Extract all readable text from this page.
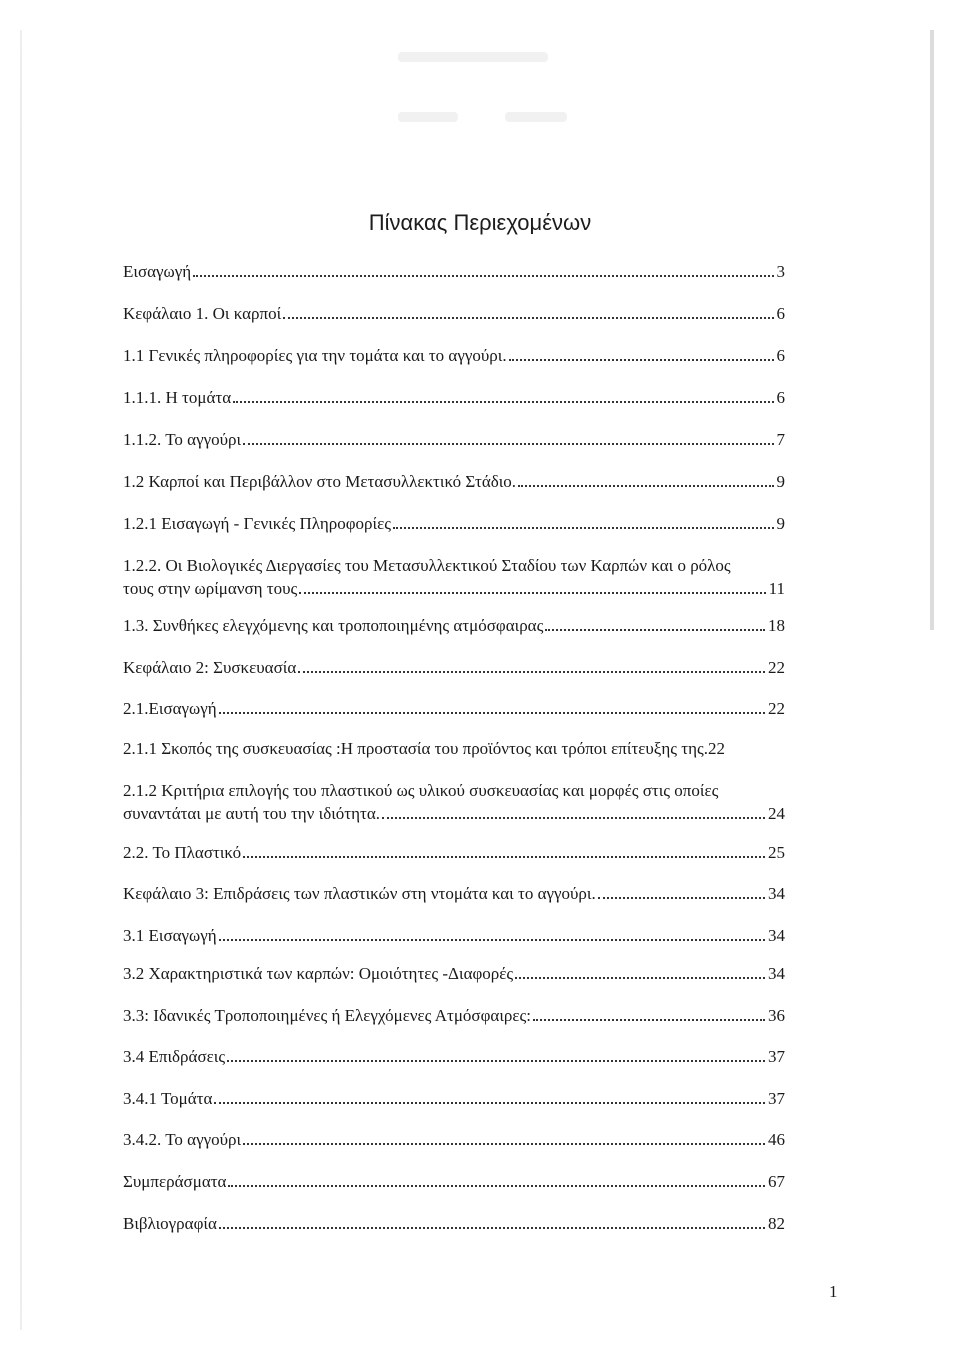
Πίνακας Περιεχομένων
Εισαγωγή	3
Κεφάλαιο 1. Οι καρποί	6
1.1 Γενικές πληροφορίες για την τομάτα και το αγγούρι.	6
1.1.1. Η τομάτα	6
1.1.2. Το αγγούρι	7
1.2 Καρποί και Περιβάλλον στο Μετασυλλεκτικό Στάδιο.	9
1.2.1 Εισαγωγή - Γενικές Πληροφορίες	9
1.2.2. Οι Βιολογικές Διεργασίες του Μετασυλλεκτικού Σταδίου των Καρπών και ο ρόλος
τους στην ωρίμανση τους	11
1.3. Συνθήκες ελεγχόμενης και τροποποιημένης ατμόσφαιρας	18
Κεφάλαιο 2: Συσκευασία	22
2.1.Εισαγωγή	22
2.1.1 Σκοπός της συσκευασίας :Η προστασία του προϊόντος και τρόποι επίτευξης της. 22
2.1.2 Κριτήρια επιλογής του πλαστικού ως υλικού συσκευασίας και μορφές στις οποίες
συναντάται με αυτή του την ιδιότητα.	24
2.2. Το Πλαστικό	25
Κεφάλαιο 3: Επιδράσεις των πλαστικών στη ντομάτα και το αγγούρι.	34
3.1 Εισαγωγή	34
3.2 Χαρακτηριστικά των καρπών: Ομοιότητες -Διαφορές	34
3.3: Ιδανικές Τροποποιημένες ή Ελεγχόμενες Ατμόσφαιρες:	36
3.4 Επιδράσεις	37
3.4.1 Τομάτα	37
3.4.2. Το αγγούρι	46
Συμπεράσματα	67
Βιβλιογραφία	82
1
